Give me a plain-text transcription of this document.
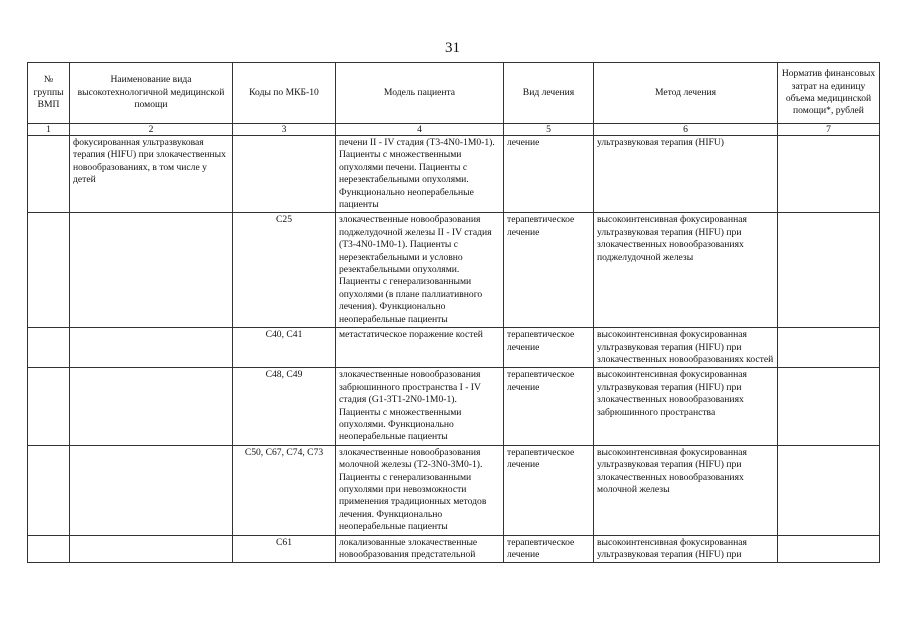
31
№ группы ВМП	Наименование вида высокотехнологичной медицинской помощи	Коды по МКБ-10	Модель пациента	Вид лечения	Метод лечения	Норматив финансовых затрат на единицу объема медицинской помощи*, рублей
1	2	3	4	5	6	7
	фокусированная ультразвуковая терапия (HIFU) при злокачественных новообразованиях, в том числе у детей		печени II - IV стадия (T3-4N0-1M0-1). Пациенты с множественными опухолями печени. Пациенты с нерезектабельными опухолями. Функционально неоперабельные пациенты	лечение	ультразвуковая терапия (HIFU)	
		C25	злокачественные новообразования поджелудочной железы II - IV стадия (T3-4N0-1M0-1). Пациенты с нерезектабельными и условно резектабельными опухолями. Пациенты с генерализованными опухолями (в плане паллиативного лечения). Функционально неоперабельные пациенты	терапевтическое лечение	высокоинтенсивная фокусированная ультразвуковая терапия (HIFU) при злокачественных новообразованиях поджелудочной железы	
		C40, C41	метастатическое поражение костей	терапевтическое лечение	высокоинтенсивная фокусированная ультразвуковая терапия (HIFU) при злокачественных новообразованиях костей	
		C48, C49	злокачественные новообразования забрюшинного пространства I - IV стадия (G1-3T1-2N0-1M0-1). Пациенты с множественными опухолями. Функционально неоперабельные пациенты	терапевтическое лечение	высокоинтенсивная фокусированная ультразвуковая терапия (HIFU) при злокачественных новообразованиях забрюшинного пространства	
		C50, C67, C74, C73	злокачественные новообразования молочной железы (T2-3N0-3M0-1). Пациенты с генерализованными опухолями при невозможности применения традиционных методов лечения. Функционально неоперабельные пациенты	терапевтическое лечение	высокоинтенсивная фокусированная ультразвуковая терапия (HIFU) при злокачественных новообразованиях молочной железы	
		C61	локализованные злокачественные новообразования предстательной	терапевтическое лечение	высокоинтенсивная фокусированная ультразвуковая терапия (HIFU) при	
